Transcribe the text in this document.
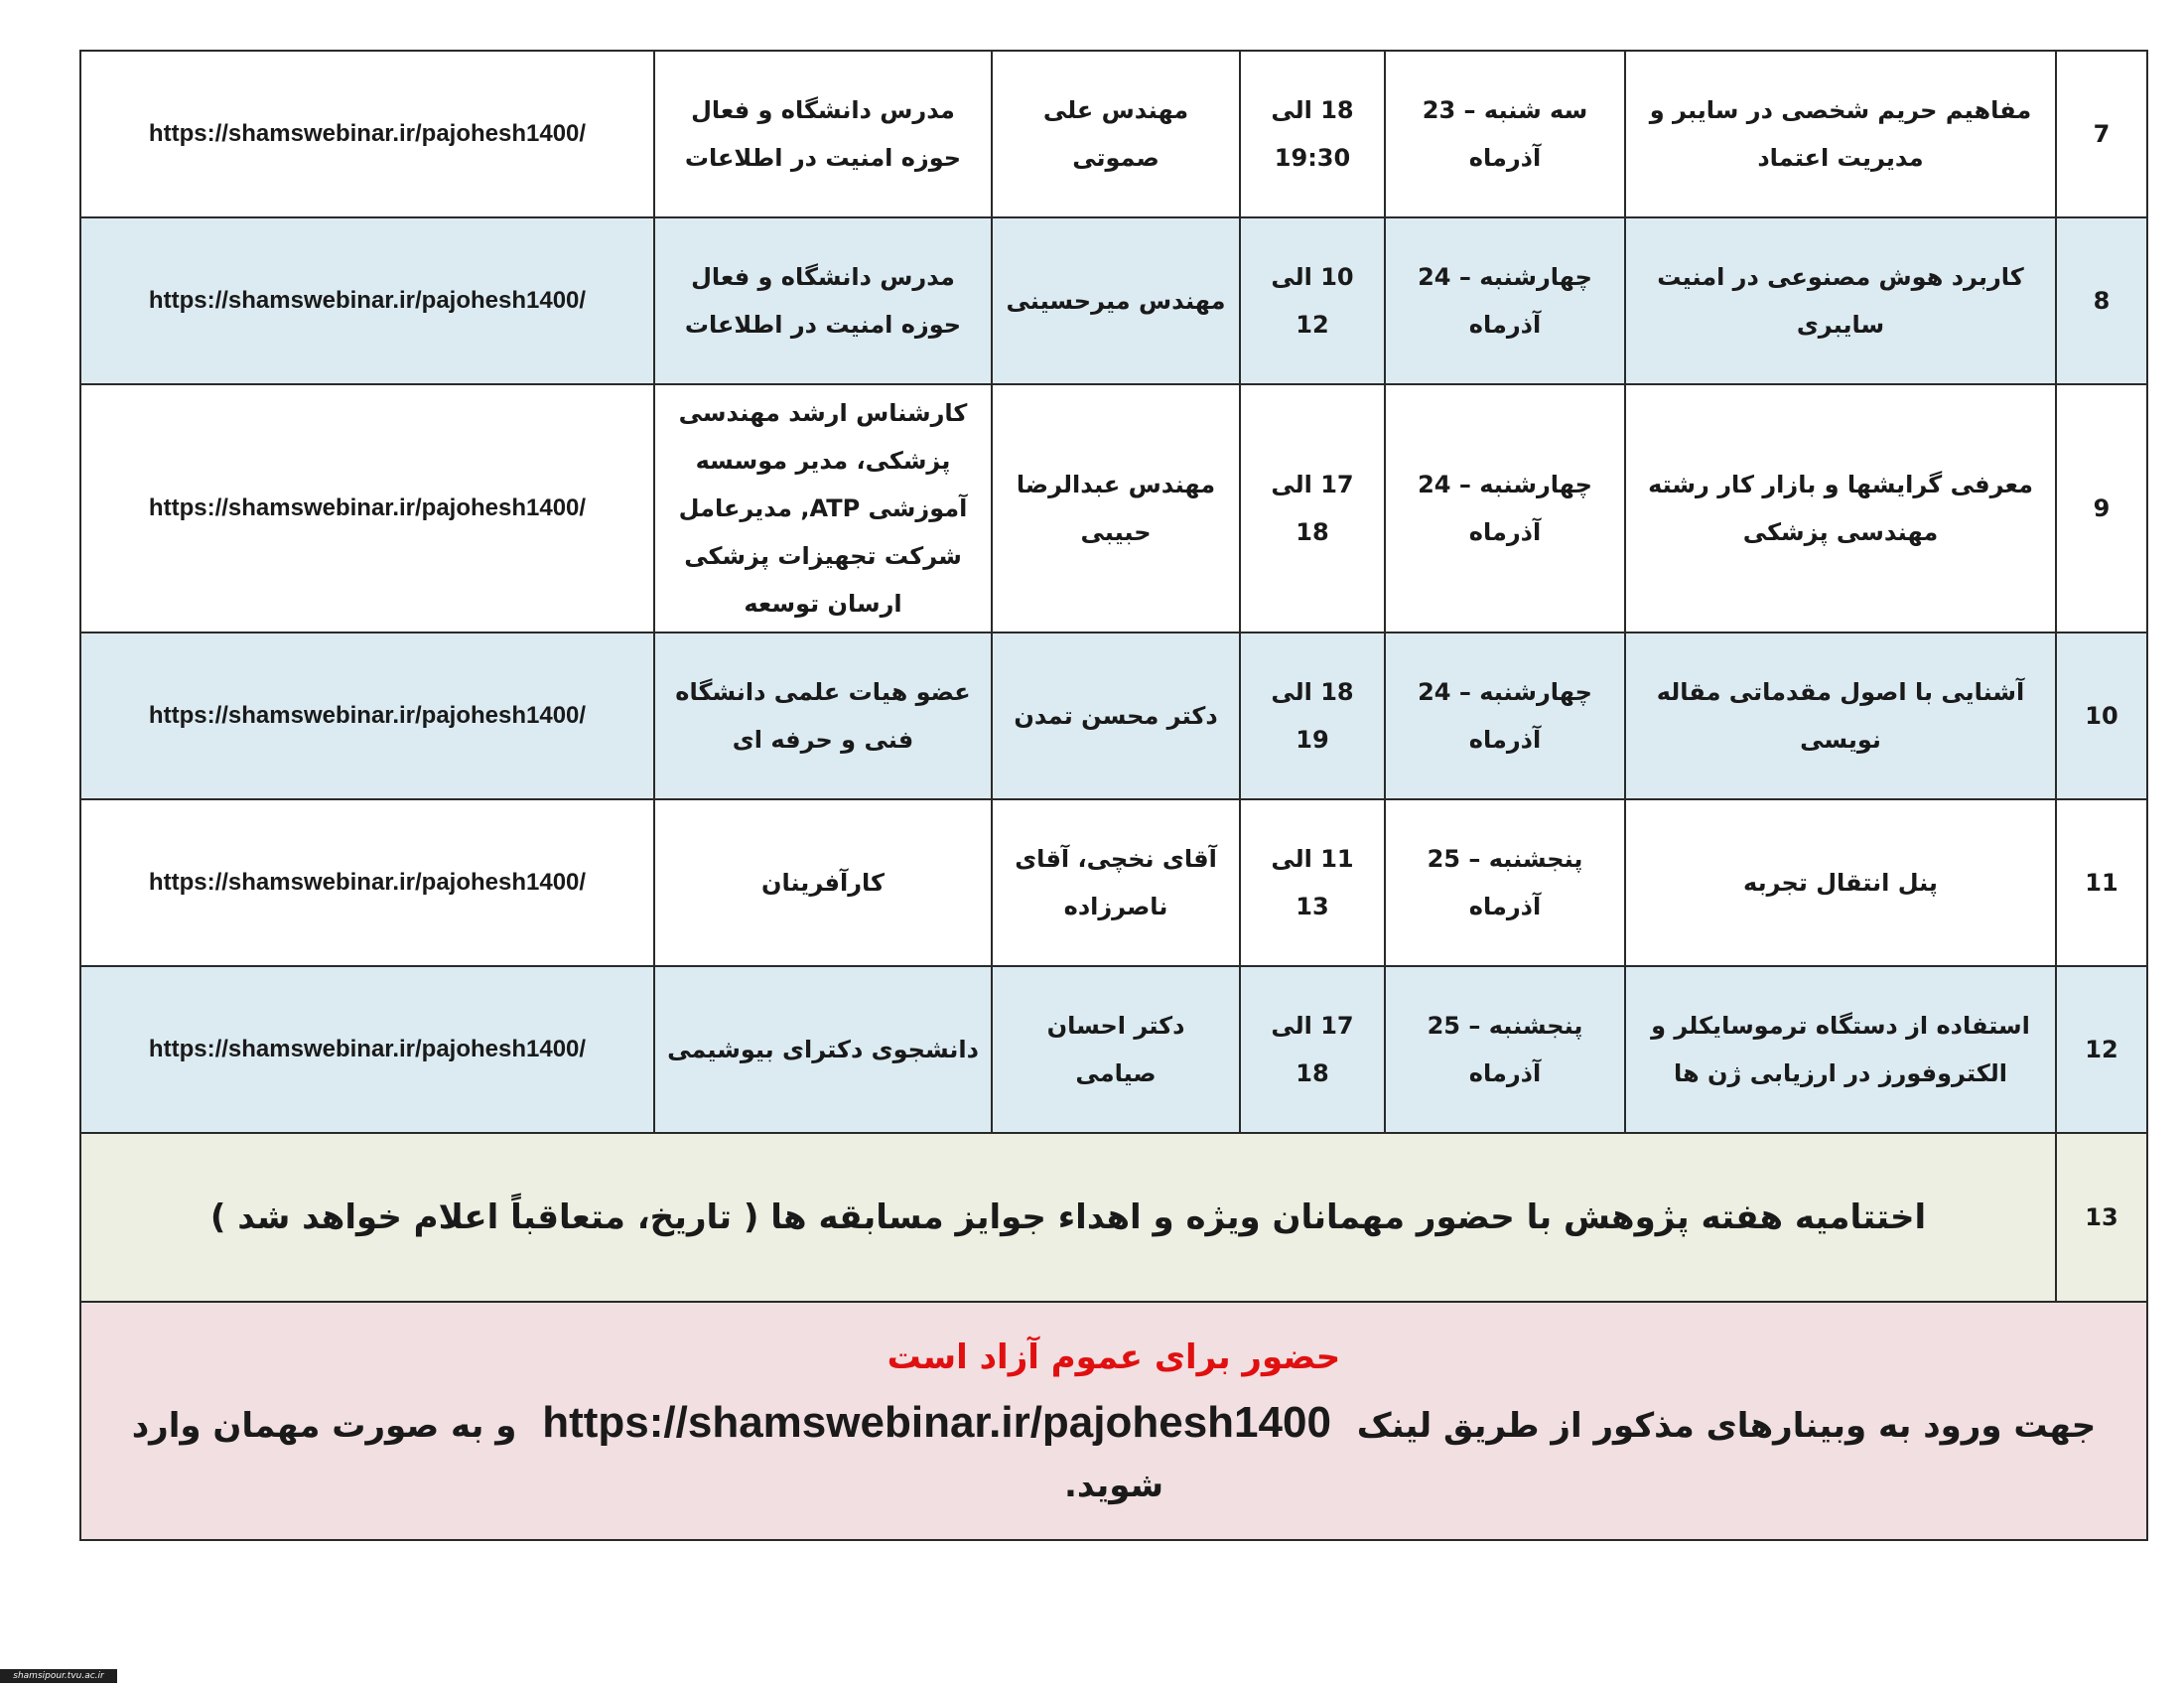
7	مفاهیم حریم شخصی در سایبر و مدیریت اعتماد	سه شنبه – 23 آذرماه	18 الی 19:30	مهندس علی صموتی	مدرس دانشگاه و فعال حوزه امنیت در اطلاعات	https://shamswebinar.ir/pajohesh1400/
8	کاربرد هوش مصنوعی در امنیت سایبری	چهارشنبه – 24 آذرماه	10 الی 12	مهندس میرحسینی	مدرس دانشگاه و فعال حوزه امنیت در اطلاعات	https://shamswebinar.ir/pajohesh1400/
9	معرفی گرایشها و بازار کار رشته مهندسی پزشکی	چهارشنبه – 24 آذرماه	17 الی 18	مهندس عبدالرضا حبیبی	کارشناس ارشد مهندسی پزشکی، مدیر موسسه آموزشی ATP, مدیرعامل شرکت تجهیزات پزشکی ارسان توسعه	https://shamswebinar.ir/pajohesh1400/
10	آشنایی با اصول مقدماتی مقاله نویسی	چهارشنبه – 24 آذرماه	18 الی 19	دکتر محسن تمدن	عضو هیات علمی دانشگاه فنی و حرفه ای	https://shamswebinar.ir/pajohesh1400/
11	پنل انتقال تجربه	پنجشنبه – 25 آذرماه	11 الی 13	آقای نخچی، آقای ناصرزاده	کارآفرینان	https://shamswebinar.ir/pajohesh1400/
12	استفاده از دستگاه ترموسایکلر و الکتروفورز در ارزیابی ژن ها	پنجشنبه – 25 آذرماه	17 الی 18	دکتر احسان صیامی	دانشجوی دکترای بیوشیمی	https://shamswebinar.ir/pajohesh1400/
13	اختتامیه هفته پژوهش با حضور مهمانان ویژه و اهداء جوایز مسابقه ها ( تاریخ، متعاقباً اعلام خواهد شد )					

حضور برای عموم آزاد است
جهت ورود به وبینارهای مذکور از طریق لینک https://shamswebinar.ir/pajohesh1400 و به صورت مهمان وارد شوید.						
shamsipour.tvu.ac.ir
